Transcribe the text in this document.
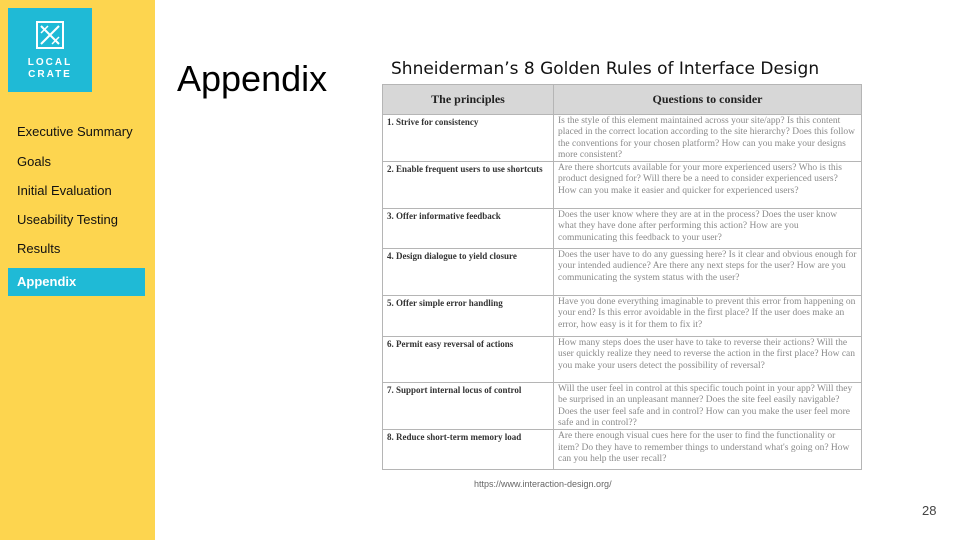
LOCAL
CRATE
Executive Summary
Goals
Initial Evaluation
Useability Testing
Results
Appendix
Appendix	Shneiderman’s 8 Golden Rules of Interface Design
The principles	Questions to consider
1. Strive for consistency	Is the style of this element maintained across your site/app? Is this content placed in the correct location according to the site hierarchy? Does this follow the conventions for your chosen platform? How can you make your designs more consistent?
2. Enable frequent users to use shortcuts	Are there shortcuts available for your more experienced users? Who is this product designed for? Will there be a need to consider experienced users? How can you make it easier and quicker for experienced users?
3. Offer informative feedback	Does the user know where they are at in the process? Does the user know what they have done after performing this action? How are you communicating this feedback to your user?
4. Design dialogue to yield closure	Does the user have to do any guessing here? Is it clear and obvious enough for your intended audience? Are there any next steps for the user? How are you communicating the system status with the user?
5. Offer simple error handling	Have you done everything imaginable to prevent this error from happening on your end? Is this error avoidable in the first place? If the user does make an error, how easy is it for them to fix it?
6. Permit easy reversal of actions	How many steps does the user have to take to reverse their actions? Will the user quickly realize they need to reverse the action in the first place? How can you make your users detect the possibility of reversal?
7. Support internal locus of control	Will the user feel in control at this specific touch point in your app? Will they be surprised in an unpleasant manner? Does the site feel easily navigable? Does the user feel safe and in control? How can you make the user feel more safe and in control??
8. Reduce short-term memory load	Are there enough visual cues here for the user to find the functionality or item? Do they have to remember things to understand what's going on? How can you help the user recall?
https://www.interaction-design.org/
28
